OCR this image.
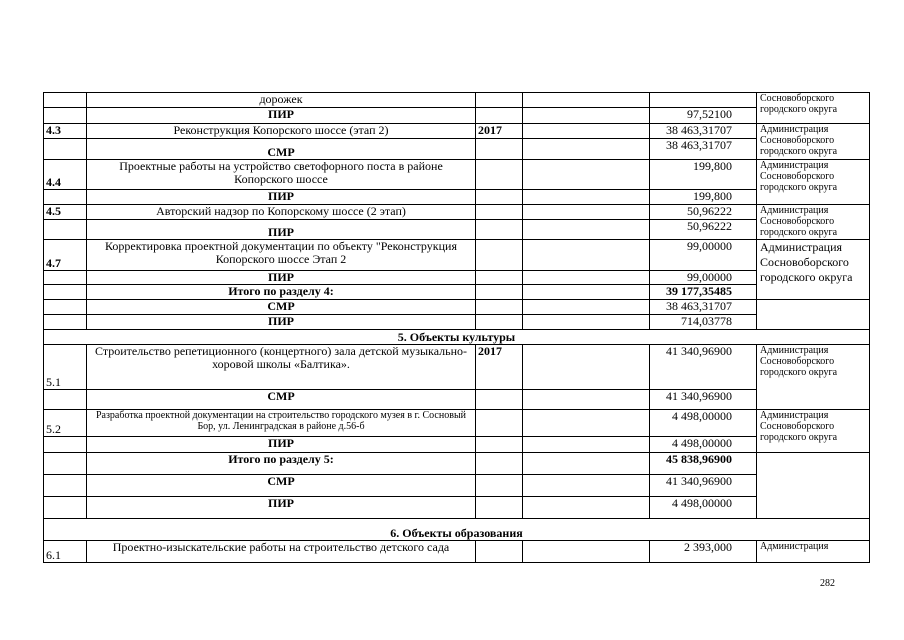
	дорожек				Сосновоборского городского округа
	ПИР			97,52100	
4.3	Реконструкция Копорского шоссе (этап 2)	2017		38 463,31707	Администрация Сосновоборского городского округа
	СМР			38 463,31707	
4.4	Проектные работы на устройство светофорного поста в районе Копорского шоссе			199,800	Администрация Сосновоборского городского округа
	ПИР			199,800	
4.5	Авторский надзор по Копорскому шоссе (2 этап)			50,96222	Администрация Сосновоборского городского округа
	ПИР			50,96222	
4.7	Корректировка проектной документации по объекту "Реконструкция Копорского шоссе Этап 2			99,00000	Администрация Сосновоборского городского округа
	ПИР			99,00000	
	Итого по разделу 4:			39 177,35485	
	СМР			38 463,31707	
	ПИР			714,03778	
5. Объекты культуры					
5.1	Строительство репетиционного (концертного) зала детской музыкально-хоровой школы «Балтика».	2017		41 340,96900	Администрация Сосновоборского городского округа
	СМР			41 340,96900	
5.2	Разработка проектной документации на строительство городского музея в г. Сосновый Бор, ул. Ленинградская в районе д.56-б			4 498,00000	Администрация Сосновоборского городского округа
	ПИР			4 498,00000	
	Итого по разделу 5:			45 838,96900	
	СМР			41 340,96900	
	ПИР			4 498,00000	
6. Объекты образования					
6.1	Проектно-изыскательские работы на строительство детского сада			2 393,000	Администрация
282
